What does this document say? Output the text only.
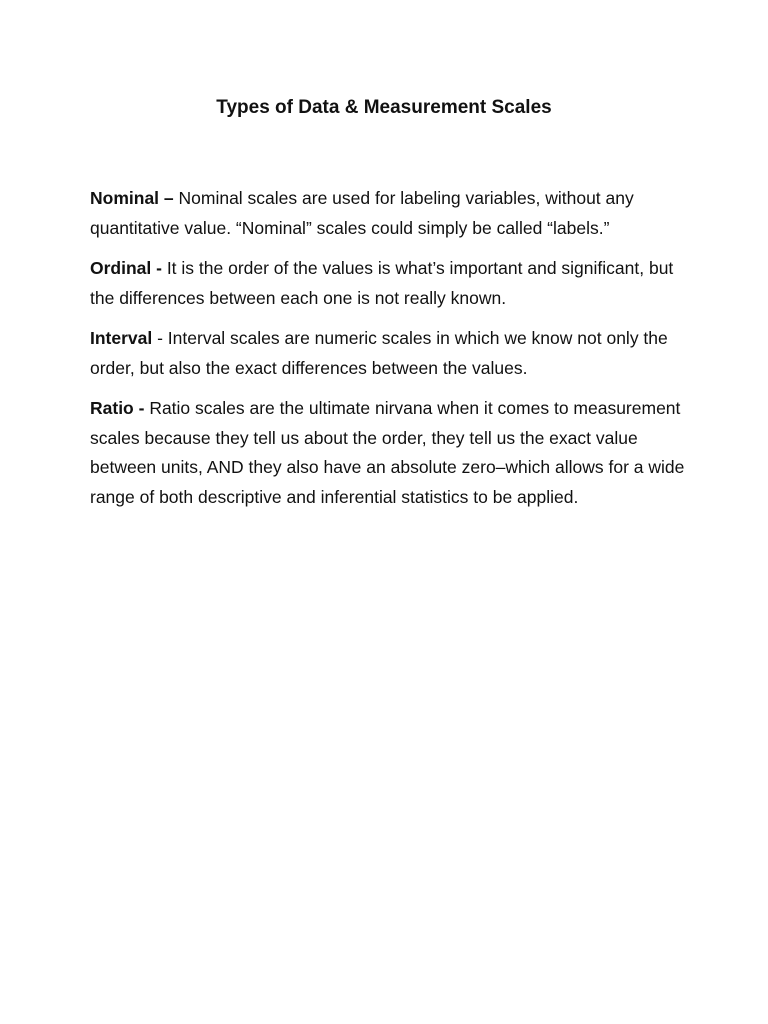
Types of Data & Measurement Scales

Nominal – Nominal scales are used for labeling variables, without any quantitative value. “Nominal” scales could simply be called “labels.”

Ordinal - It is the order of the values is what’s important and significant, but the differences between each one is not really known.

Interval - Interval scales are numeric scales in which we know not only the order, but also the exact differences between the values.

Ratio - Ratio scales are the ultimate nirvana when it comes to measurement scales because they tell us about the order, they tell us the exact value between units, AND they also have an absolute zero–which allows for a wide range of both descriptive and inferential statistics to be applied.
